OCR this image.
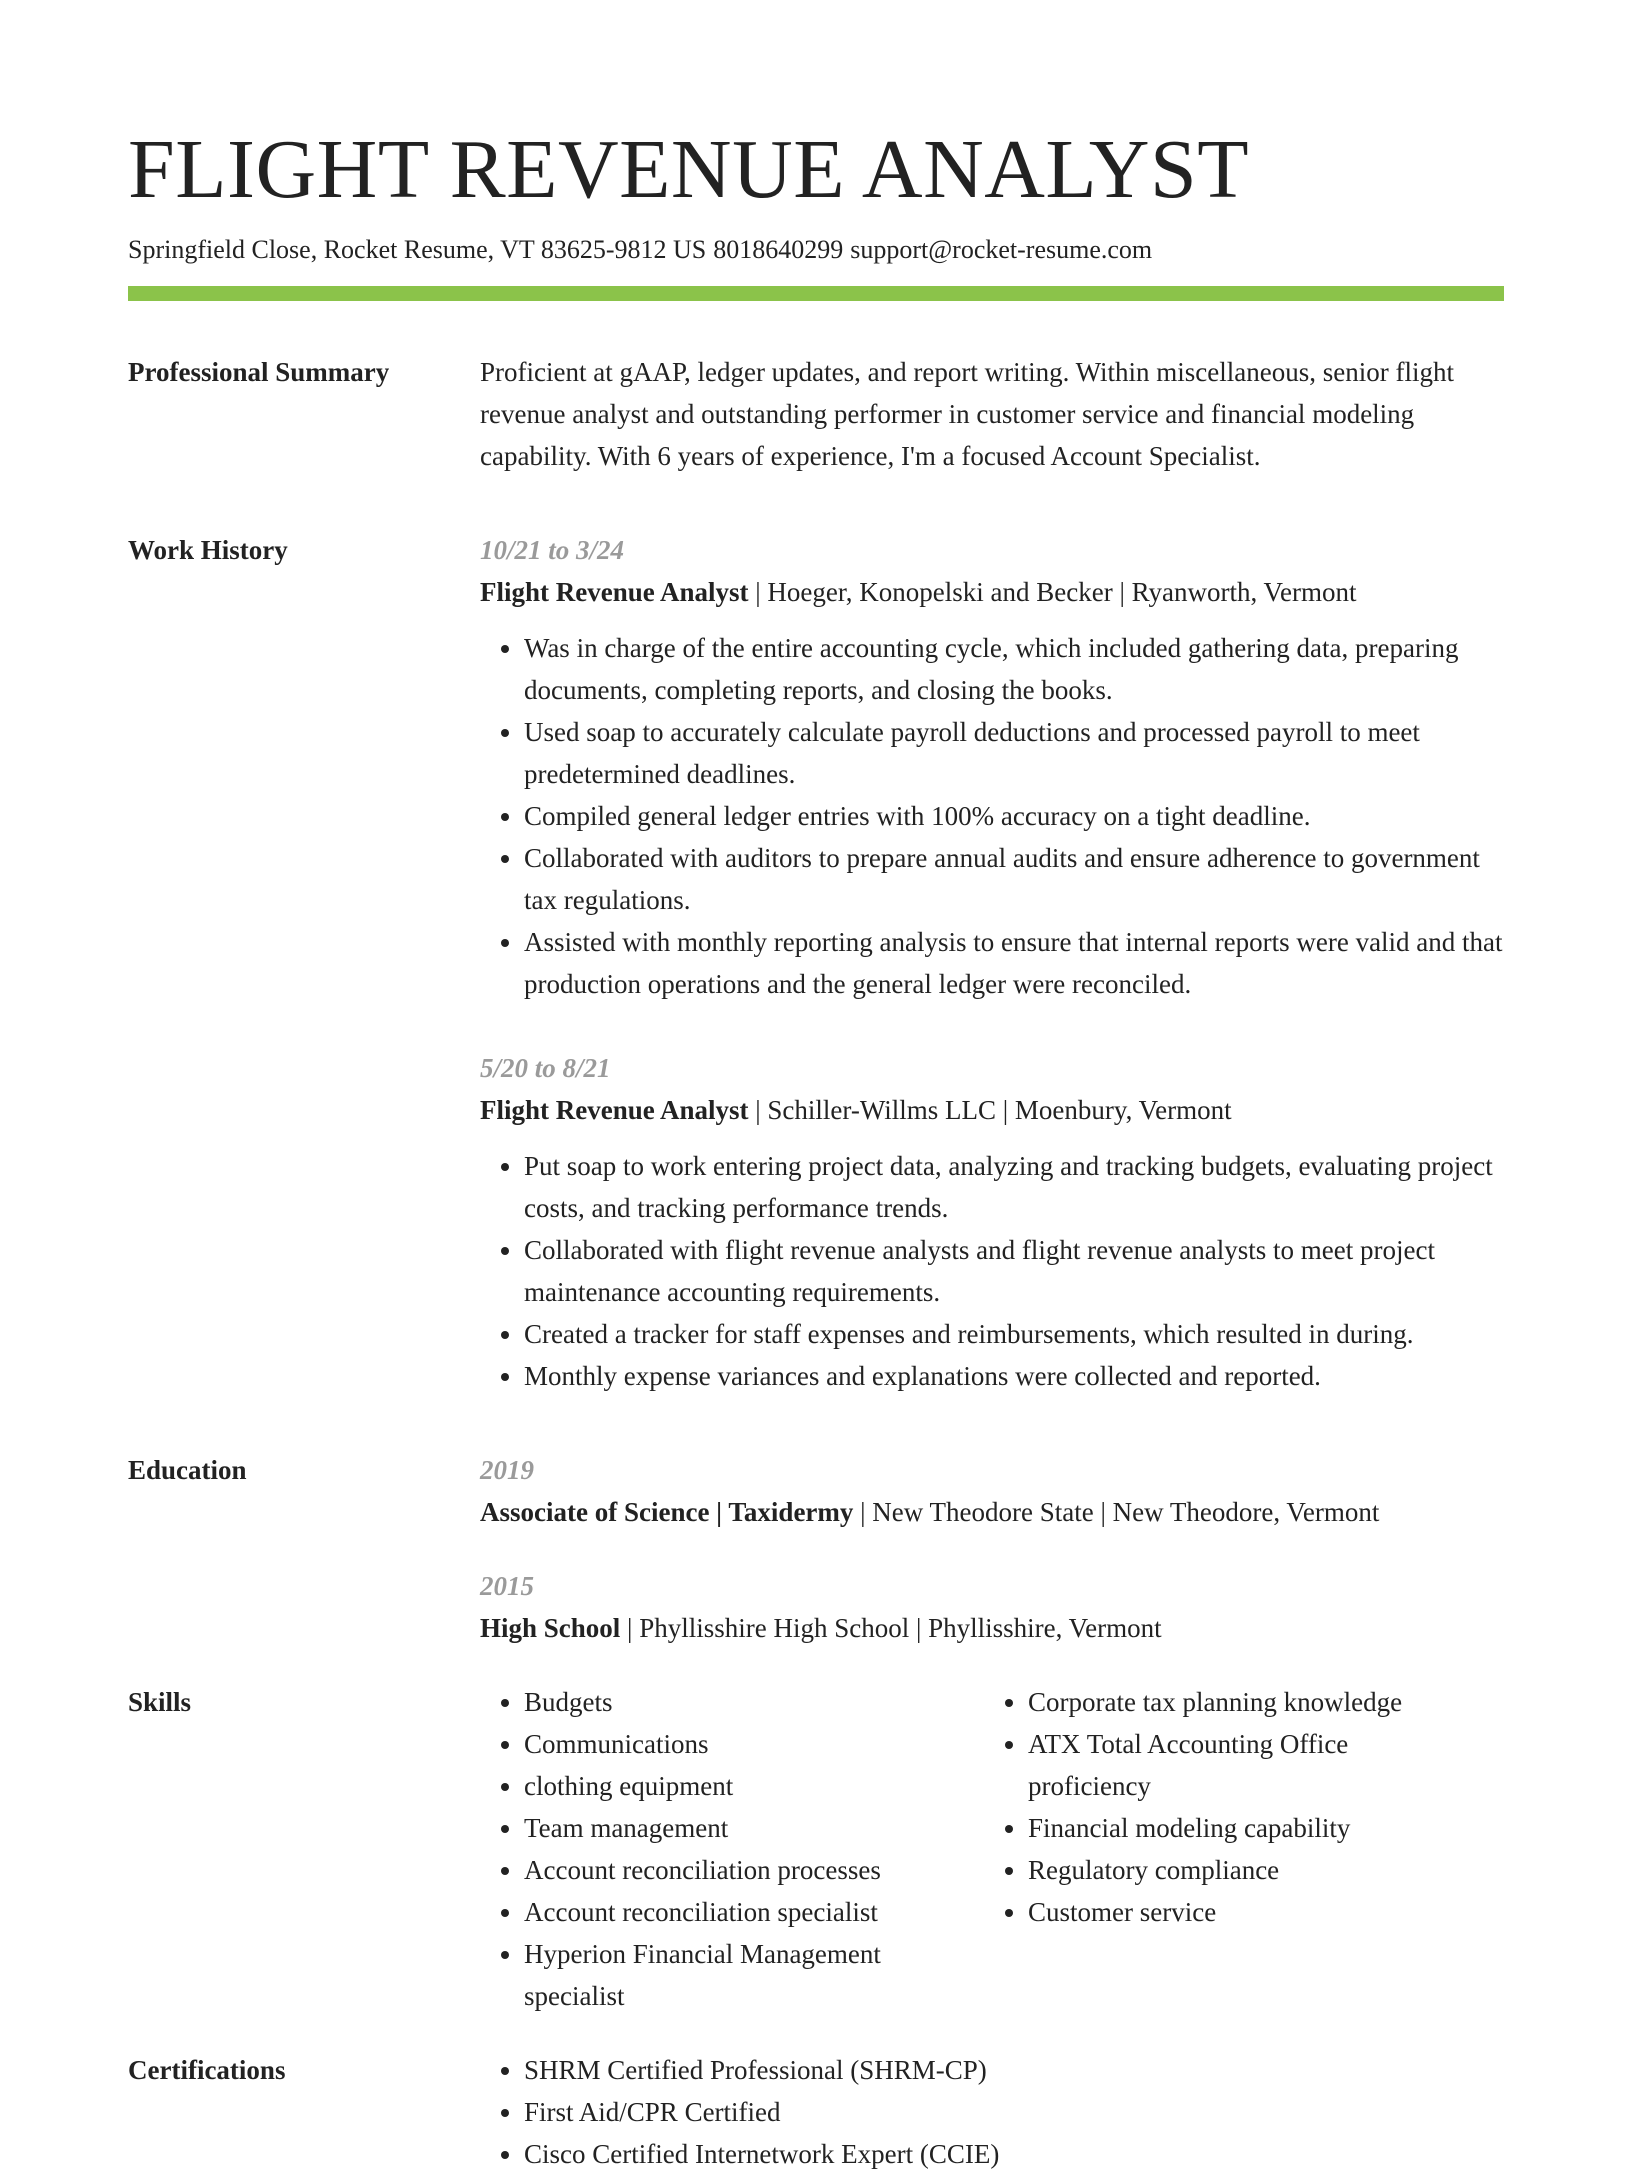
FLIGHT REVENUE ANALYST
Springfield Close, Rocket Resume, VT 83625-9812 US 8018640299 support@rocket-resume.com
Professional Summary	Proficient at gAAP, ledger updates, and report writing. Within miscellaneous, senior flight revenue analyst and outstanding performer in customer service and financial modeling capability. With 6 years of experience, I'm a focused Account Specialist.

Work History	10/21 to 3/24
Flight Revenue Analyst | Hoeger, Konopelski and Becker | Ryanworth, Vermont
• Was in charge of the entire accounting cycle, which included gathering data, preparing documents, completing reports, and closing the books.
• Used soap to accurately calculate payroll deductions and processed payroll to meet predetermined deadlines.
• Compiled general ledger entries with 100% accuracy on a tight deadline.
• Collaborated with auditors to prepare annual audits and ensure adherence to government tax regulations.
• Assisted with monthly reporting analysis to ensure that internal reports were valid and that production operations and the general ledger were reconciled.
5/20 to 8/21
Flight Revenue Analyst | Schiller-Willms LLC | Moenbury, Vermont
• Put soap to work entering project data, analyzing and tracking budgets, evaluating project costs, and tracking performance trends.
• Collaborated with flight revenue analysts and flight revenue analysts to meet project maintenance accounting requirements.
• Created a tracker for staff expenses and reimbursements, which resulted in during.
• Monthly expense variances and explanations were collected and reported.
Education	2019
Associate of Science | Taxidermy | New Theodore State | New Theodore, Vermont
2015
High School | Phyllisshire High School | Phyllisshire, Vermont
Skills	• Budgets
• Communications
• clothing equipment
• Team management
• Account reconciliation processes
• Account reconciliation specialist
• Hyperion Financial Management specialist
• Corporate tax planning knowledge
• ATX Total Accounting Office proficiency
• Financial modeling capability
• Regulatory compliance
• Customer service
Certifications	• SHRM Certified Professional (SHRM-CP)
• First Aid/CPR Certified
• Cisco Certified Internetwork Expert (CCIE)
